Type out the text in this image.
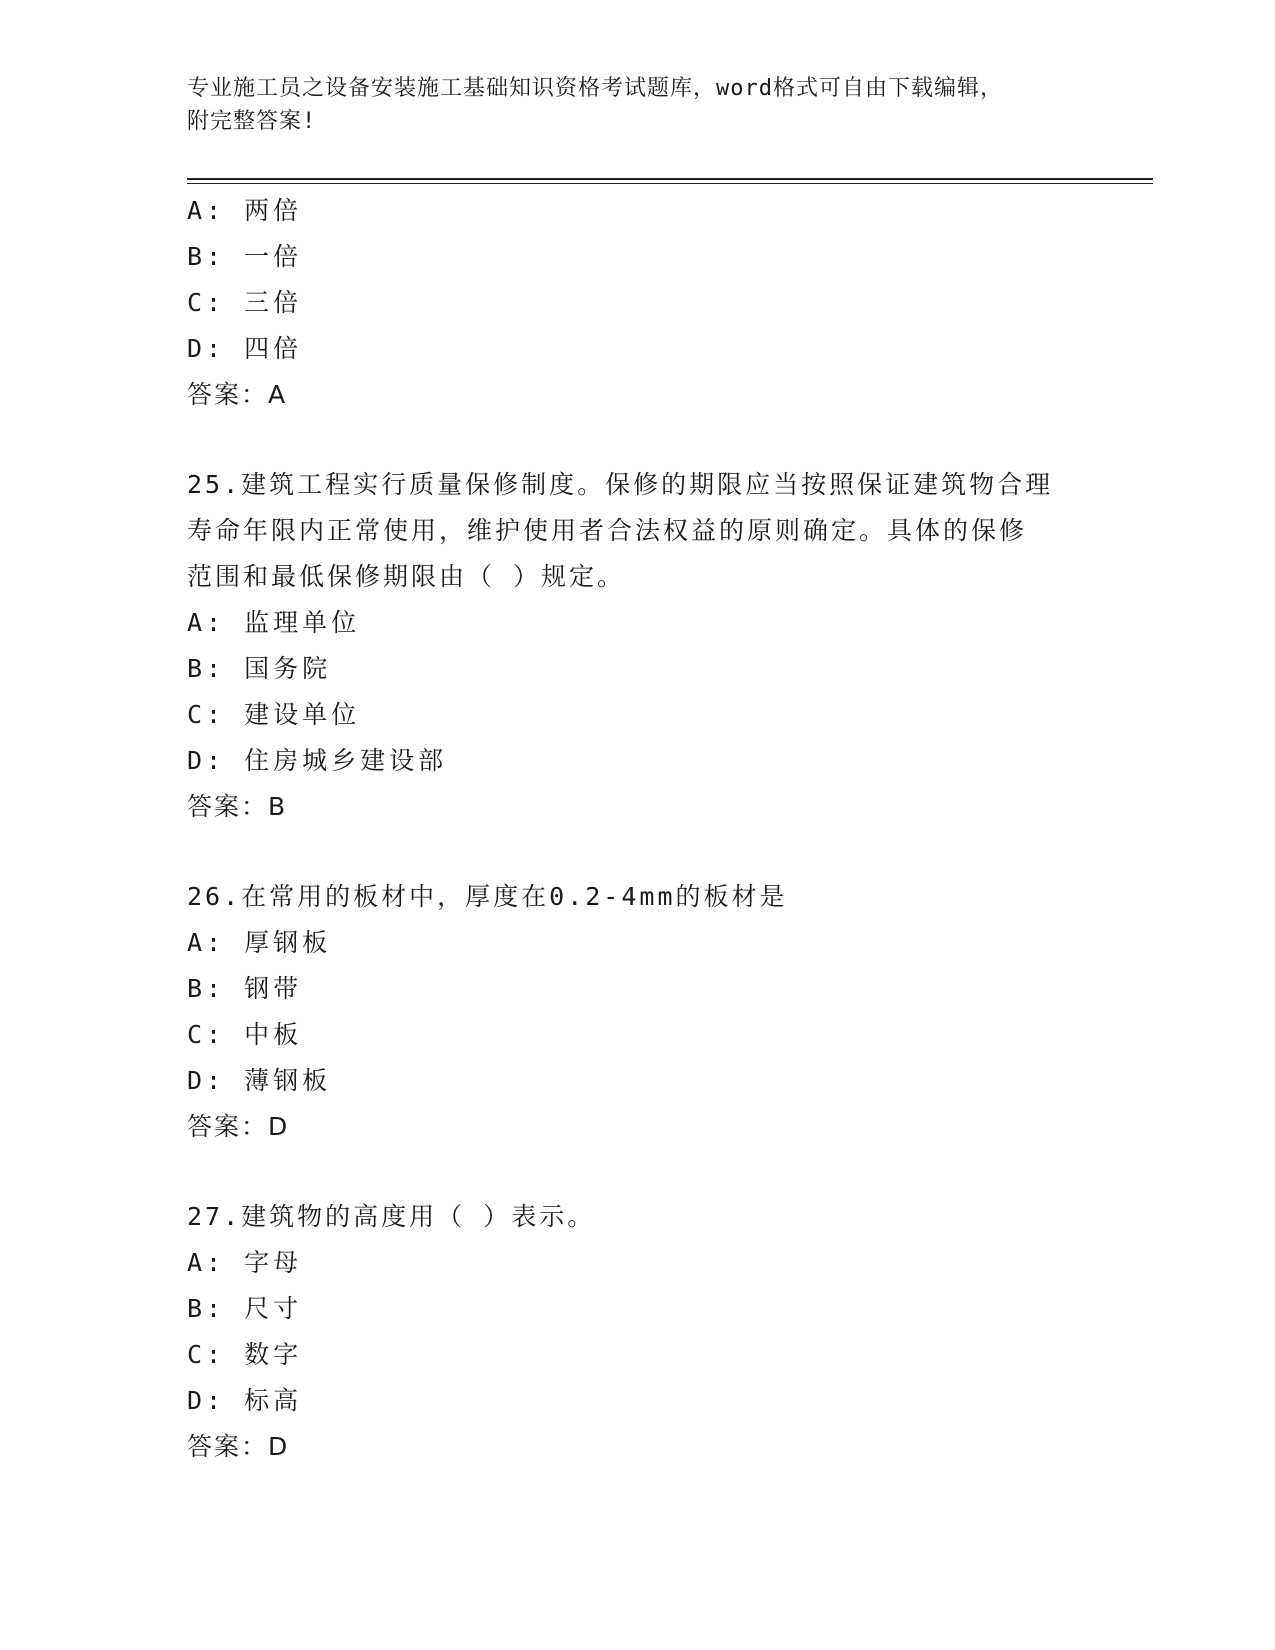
专业施工员之设备安装施工基础知识资格考试题库，word格式可自由下载编辑，
附完整答案!
A: 两倍
B: 一倍
C: 三倍
D: 四倍
答案：A
25.建筑工程实行质量保修制度。保修的期限应当按照保证建筑物合理
寿命年限内正常使用，维护使用者合法权益的原则确定。具体的保修
范围和最低保修期限由（ ）规定。
A: 监理单位
B: 国务院
C: 建设单位
D: 住房城乡建设部
答案：B
26.在常用的板材中，厚度在0.2-4mm的板材是
A: 厚钢板
B: 钢带
C: 中板
D: 薄钢板
答案：D
27.建筑物的高度用（ ）表示。
A: 字母
B: 尺寸
C: 数字
D: 标高
答案：D
